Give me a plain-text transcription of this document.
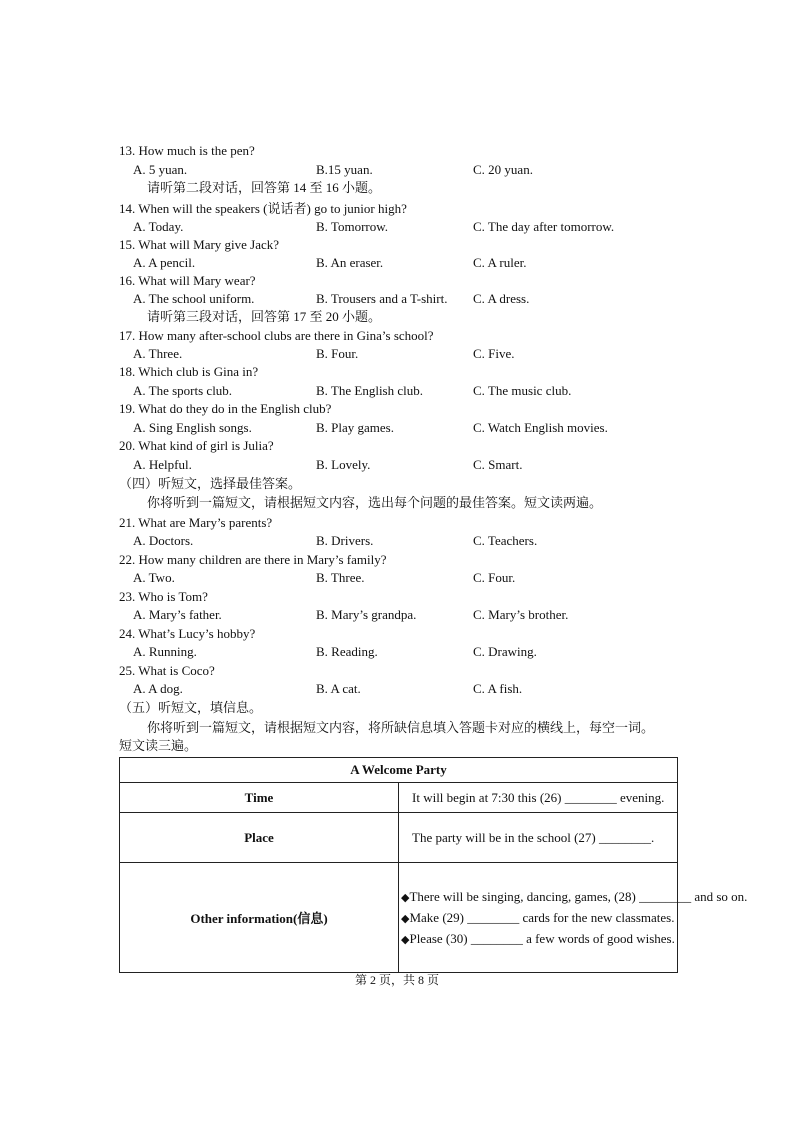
13. How much is the pen?
A. 5 yuan.	B.15 yuan.	C. 20 yuan.
请听第二段对话，回答第 14 至 16 小题。
14. When will the speakers (说话者) go to junior high?
A. Today.	B. Tomorrow.	C. The day after tomorrow.
15. What will Mary give Jack?
A. A pencil.	B. An eraser.	C. A ruler.
16. What will Mary wear?
A. The school uniform.	B. Trousers and a T-shirt. C. A dress.
请听第三段对话，回答第 17 至 20 小题。
17. How many after-school clubs are there in Gina’s school?
A. Three.	B. Four.	C. Five.
18. Which club is Gina in?
A. The sports club.	B. The English club.	C. The music club.
19. What do they do in the English club?
A. Sing English songs.	B. Play games.	C. Watch English movies.
20. What kind of girl is Julia?
A. Helpful.	B. Lovely.	C. Smart.
（四）听短文，选择最佳答案。
你将听到一篇短文，请根据短文内容，选出每个问题的最佳答案。短文读两遍。
21. What are Mary’s parents?
A. Doctors.	B. Drivers.	C. Teachers.
22. How many children are there in Mary’s family?
A. Two.	B. Three.	C. Four.
23. Who is Tom?
A. Mary’s father.	B. Mary’s grandpa.	C. Mary’s brother.
24. What’s Lucy’s hobby?
A. Running.	B. Reading.	C. Drawing.
25. What is Coco?
A. A dog.	B. A cat.	C. A fish.
（五）听短文，填信息。
你将听到一篇短文，请根据短文内容，将所缺信息填入答题卡对应的横线上，每空一词。
短文读三遍。
A Welcome Party	
Time	It will begin at 7:30 this (26) ________ evening.
Place	The party will be in the school (27) ________.
Other information(信息)	◆There will be singing, dancing, games, (28) ________ and so on.
◆Make (29) ________ cards for the new classmates.
◆Please (30) ________ a few words of good wishes.
第 2 页，共 8 页
